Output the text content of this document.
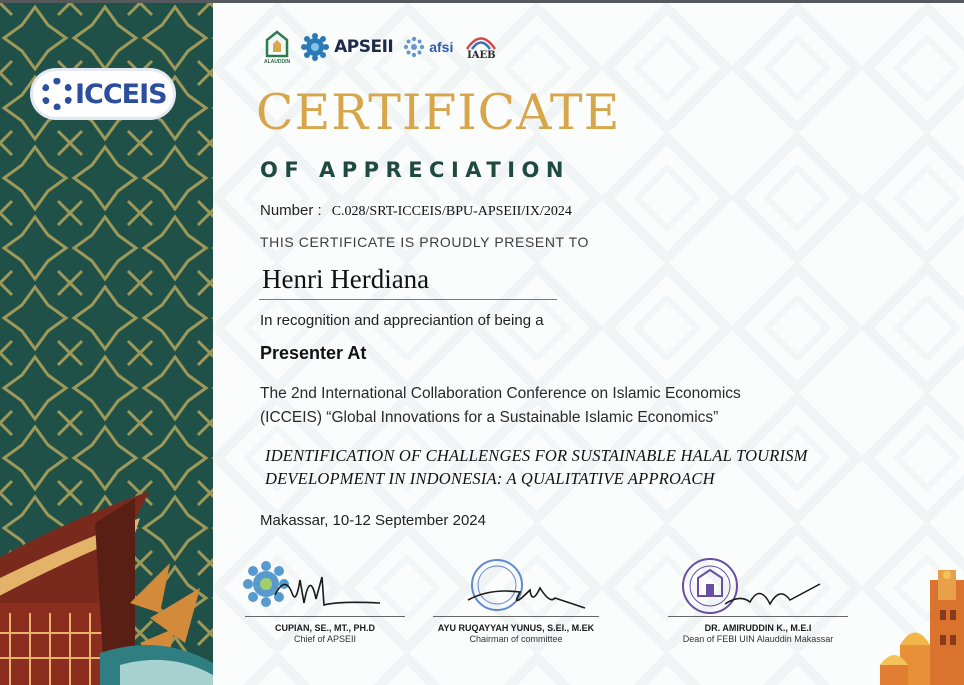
ICCEIS
ALAUDDIN
APSEII	afsi IAEB
CERTIFICATE
OF APPRECIATION
Number : C.028/SRT-ICCEIS/BPU-APSEII/IX/2024
THIS CERTIFICATE IS PROUDLY PRESENT TO
Henri Herdiana
In recognition and appreciantion of being a
Presenter At
The 2nd International Collaboration Conference on Islamic Economics
(ICCEIS) “Global Innovations for a Sustainable Islamic Economics”
IDENTIFICATION OF CHALLENGES FOR SUSTAINABLE HALAL TOURISM
DEVELOPMENT IN INDONESIA: A QUALITATIVE APPROACH
Makassar, 10-12 September 2024
CUPIAN, SE., MT., PH.D
Chief of APSEII
AYU RUQAYYAH YUNUS, S.EI., M.EK
Chairman of committee
DR. AMIRUDDIN K., M.E.I
Dean of FEBI UIN Alauddin Makassar
